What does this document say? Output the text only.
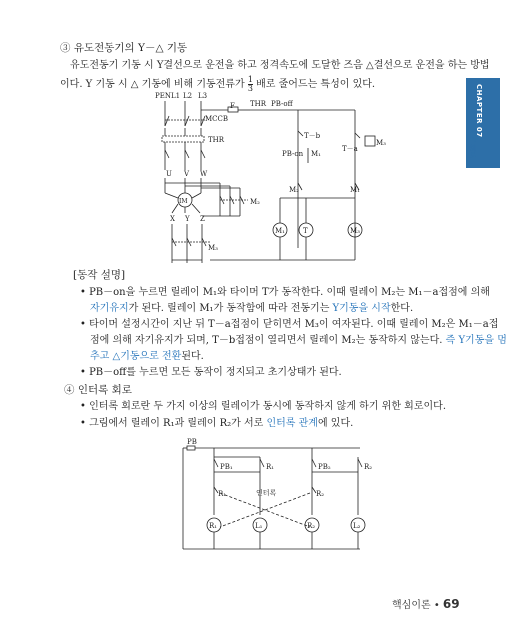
CHAPTER 07
제어 회로
③ 유도전동기의 Y－△ 기동
유도전동기 기동 시 Y결선으로 운전을 하고 정격속도에 도달한 즈음 △결선으로 운전을 하는 방법
이다. Y 기동 시 △ 기동에 비해 기동전류가 $\frac{1}{3}$ 배로 줄어드는 특성이 있다.
PENL1 L2 L3
MCCB
F THR PB-off
THR
U V W
IM
X Y Z
M₂
M₃
T－b
PB-on M₁
T－a
M₃
M₂	M₁
M₁	T	M₃
[동작 설명]
• PB－on을 누르면 릴레이 M₁와 타이머 T가 동작한다. 이때 릴레이 M₂는 M₁－a접점에 의해
자기유지가 된다. 릴레이 M₁가 동작함에 따라 전동기는 Y기동을 시작한다.
• 타이머 설정시간이 지난 뒤 T－a접점이 닫히면서 M₃이 여자된다. 이때 릴레이 M₂은 M₁－a접
점에 의해 자기유지가 되며, T－b접점이 열리면서 릴레이 M₂는 동작하지 않는다. 즉 Y기동을 멈
추고 △기동으로 전환된다.
• PB－off를 누르면 모든 동작이 정지되고 초기상태가 된다.
④ 인터록 회로
• 인터록 회로란 두 가지 이상의 릴레이가 동시에 동작하지 않게 하기 위한 회로이다.
• 그림에서 릴레이 R₁과 릴레이 R₂가 서로 인터록 관계에 있다.
PB
PB₁	R₁
R₁
PB₂	R₂
R₂
인터록
R₁	L₁	R₂	L₂
핵심이론 • 69
